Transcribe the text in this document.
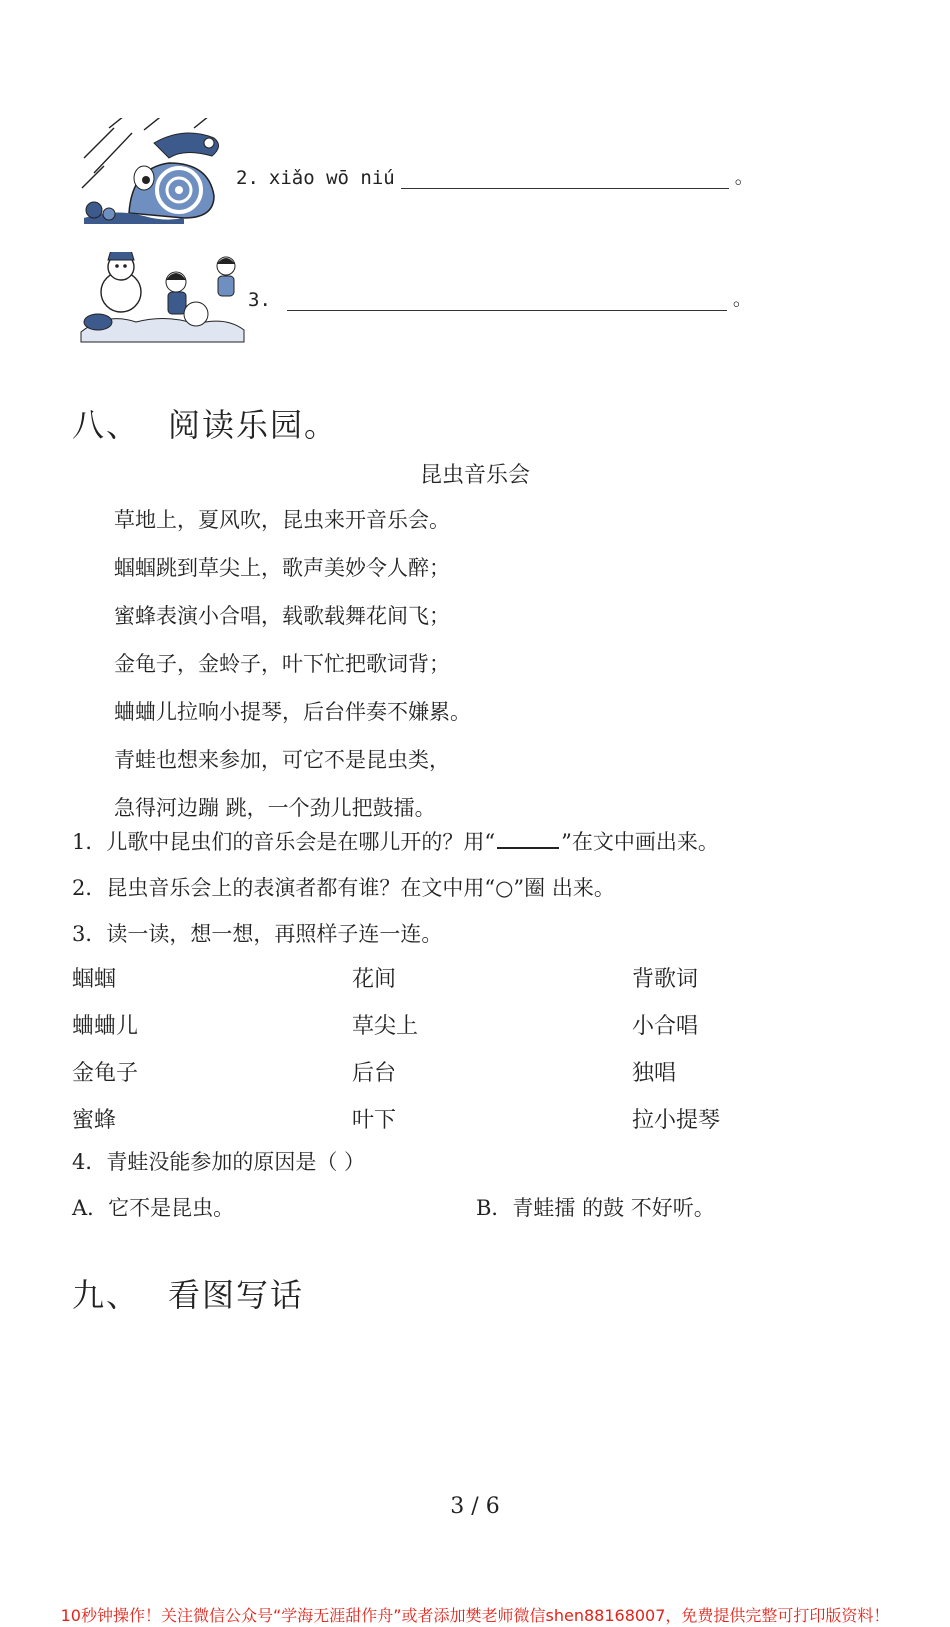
2. xiǎo wō niú	。
3.	。
八、 阅读乐园。
昆虫音乐会
草地上，夏风吹，昆虫来开音乐会。
蝈蝈跳到草尖上，歌声美妙令人醉；
蜜蜂表演小合唱，载歌载舞花间飞；
金龟子，金蛉子，叶下忙把歌词背；
蛐蛐儿拉响小提琴，后台伴奏不嫌累。
青蛙也想来参加，可它不是昆虫类，
急得河边蹦 跳，一个劲儿把鼓擂。
1．儿歌中昆虫们的音乐会是在哪儿开的？用“	”在文中画出来。
2．昆虫音乐会上的表演者都有谁？在文中用“○”圈 出来。
3．读一读，想一想，再照样子连一连。
蝈蝈	花间	背歌词
蛐蛐儿	草尖上	小合唱
金龟子	后台	独唱
蜜蜂	叶下	拉小提琴
4．青蛙没能参加的原因是（ ）
A．它不是昆虫。	B．青蛙擂 的鼓 不好听。
九、 看图写话
3 / 6
10秒钟操作！关注微信公众号“学海无涯甜作舟”或者添加樊老师微信shen88168007，免费提供完整可打印版资料！
